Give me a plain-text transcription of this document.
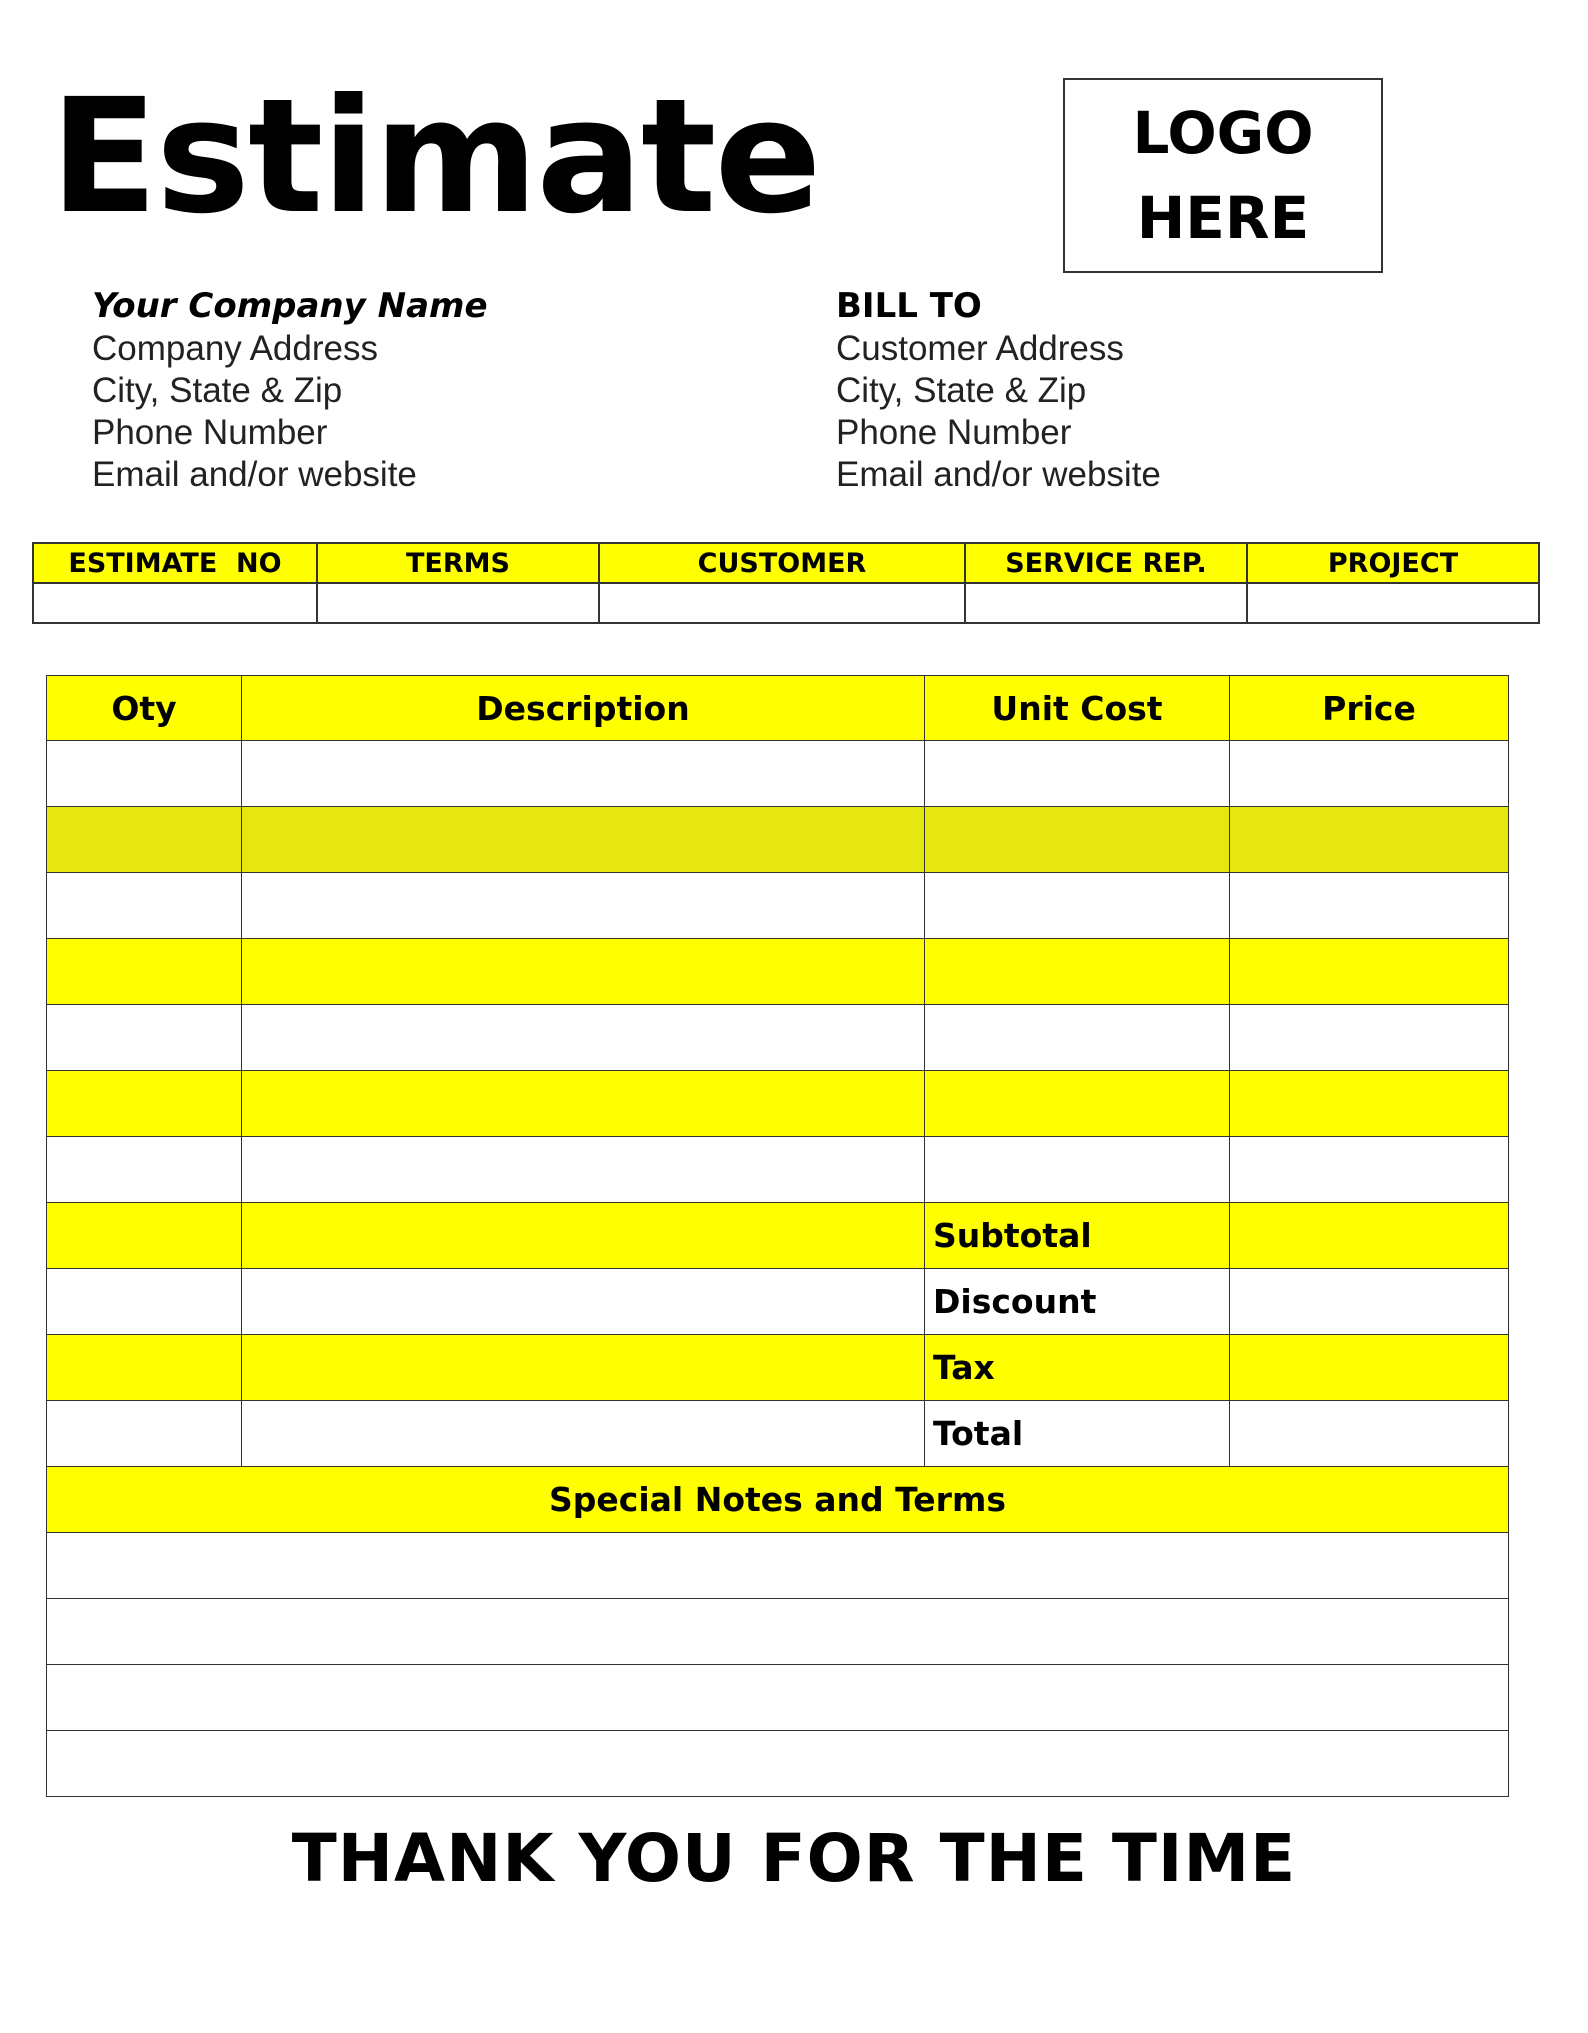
Estimate	LOGO
HERE
Your Company Name
Company Address
City, State & Zip
Phone Number
Email and/or website
BILL TO
Customer Address
City, State & Zip
Phone Number
Email and/or website
ESTIMATE  NO	TERMS	CUSTOMER	SERVICE REP.	PROJECT

Oty	Description	Unit Cost	Price

		Subtotal	
		Discount	
		Tax	
		Total	
Special Notes and Terms			

THANK YOU FOR THE TIME
